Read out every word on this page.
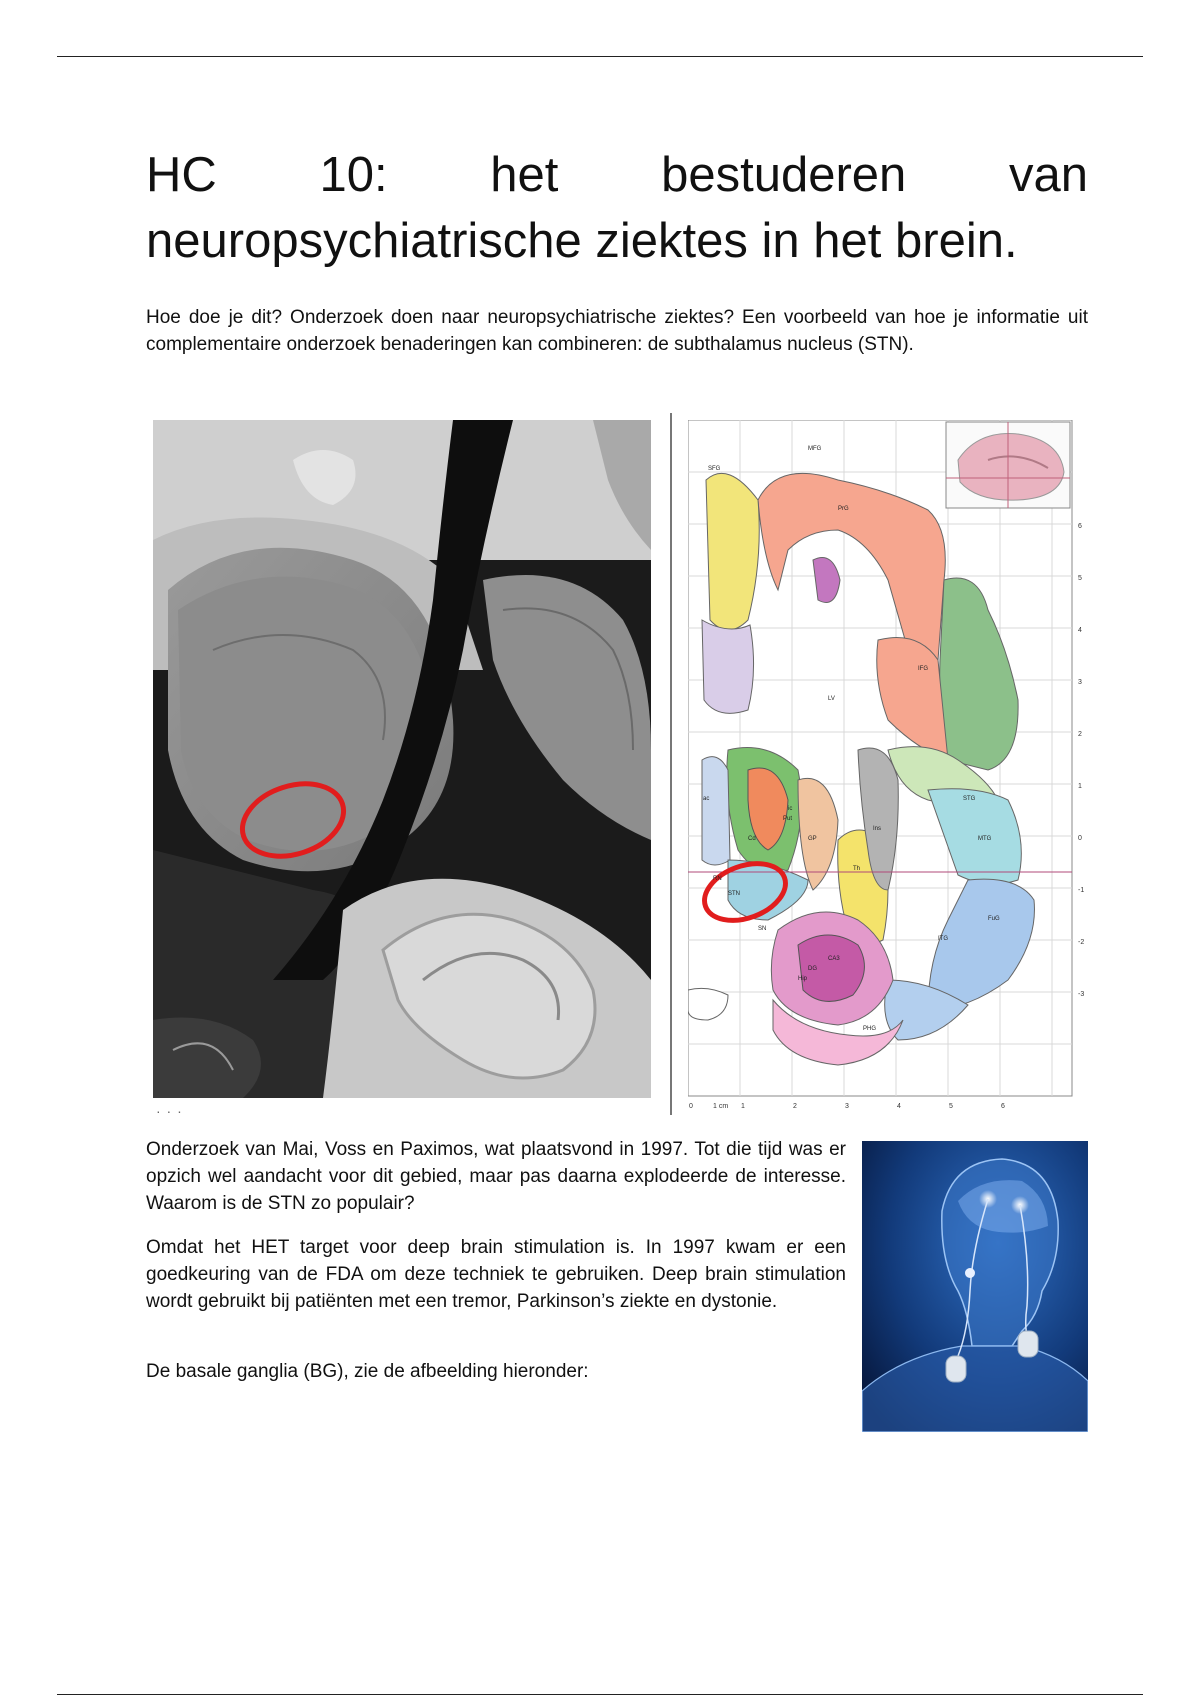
HC 10: het bestuderen van neuropsychiatrische ziektes in het brein.

Hoe doe je dit? Onderzoek doen naar neuropsychiatrische ziektes? Een voorbeeld van hoe je informatie uit complementaire onderzoek benaderingen kan combineren: de subthalamus nucleus (STN).

6
5
4
3
2
1
0
-1
-2
-3
0	1 cm 1	2	3	4	5	6
SFG
MFG
PrG
IFG
Cd
Put
GP
Th
STN
SN
Hip
ITG
MTG
STG
Ins
LV
RN
CA3
DG
PHG
FuG
ac
ic
· · ·

Onderzoek van Mai, Voss en Paximos, wat plaatsvond in 1997. Tot die tijd was er opzich wel aandacht voor dit gebied, maar pas daarna explodeerde de interesse. Waarom is de STN zo populair?

Omdat het HET target voor deep brain stimulation is. In 1997 kwam er een goedkeuring van de FDA om deze techniek te gebruiken. Deep brain stimulation wordt gebruikt bij patiënten met een tremor, Parkinson’s ziekte en dystonie.

De basale ganglia (BG), zie de afbeelding hieronder:
